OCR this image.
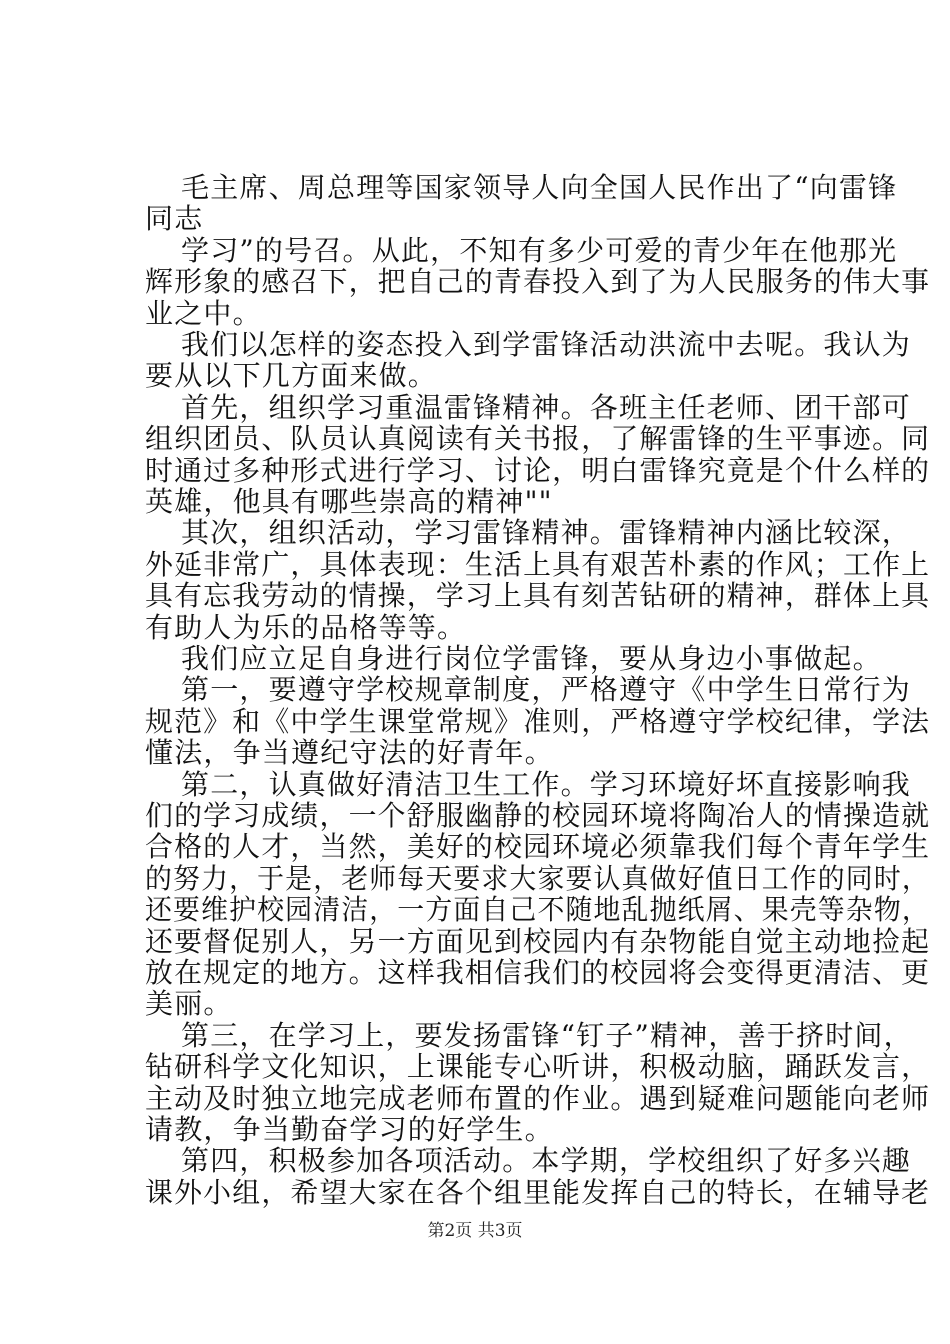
毛主席、周总理等国家领导人向全国人民作出了“向雷锋
同志
学习”的号召。从此，不知有多少可爱的青少年在他那光
辉形象的感召下，把自己的青春投入到了为人民服务的伟大事
业之中。
我们以怎样的姿态投入到学雷锋活动洪流中去呢。我认为
要从以下几方面来做。
首先，组织学习重温雷锋精神。各班主任老师、团干部可
组织团员、队员认真阅读有关书报，了解雷锋的生平事迹。同
时通过多种形式进行学习、讨论，明白雷锋究竟是个什么样的
英雄，他具有哪些崇高的精神""
其次，组织活动，学习雷锋精神。雷锋精神内涵比较深，
外延非常广，具体表现：生活上具有艰苦朴素的作风；工作上
具有忘我劳动的情操，学习上具有刻苦钻研的精神，群体上具
有助人为乐的品格等等。
我们应立足自身进行岗位学雷锋，要从身边小事做起。
第一，要遵守学校规章制度，严格遵守《中学生日常行为
规范》和《中学生课堂常规》准则，严格遵守学校纪律，学法
懂法，争当遵纪守法的好青年。
第二，认真做好清洁卫生工作。学习环境好坏直接影响我
们的学习成绩，一个舒服幽静的校园环境将陶冶人的情操造就
合格的人才，当然，美好的校园环境必须靠我们每个青年学生
的努力，于是，老师每天要求大家要认真做好值日工作的同时，
还要维护校园清洁，一方面自己不随地乱抛纸屑、果壳等杂物，
还要督促别人，另一方面见到校园内有杂物能自觉主动地捡起
放在规定的地方。这样我相信我们的校园将会变得更清洁、更
美丽。
第三，在学习上，要发扬雷锋“钉子”精神，善于挤时间，
钻研科学文化知识，上课能专心听讲，积极动脑，踊跃发言，
主动及时独立地完成老师布置的作业。遇到疑难问题能向老师
请教，争当勤奋学习的好学生。
第四，积极参加各项活动。本学期，学校组织了好多兴趣
课外小组，希望大家在各个组里能发挥自己的特长，在辅导老
第2页 共3页
